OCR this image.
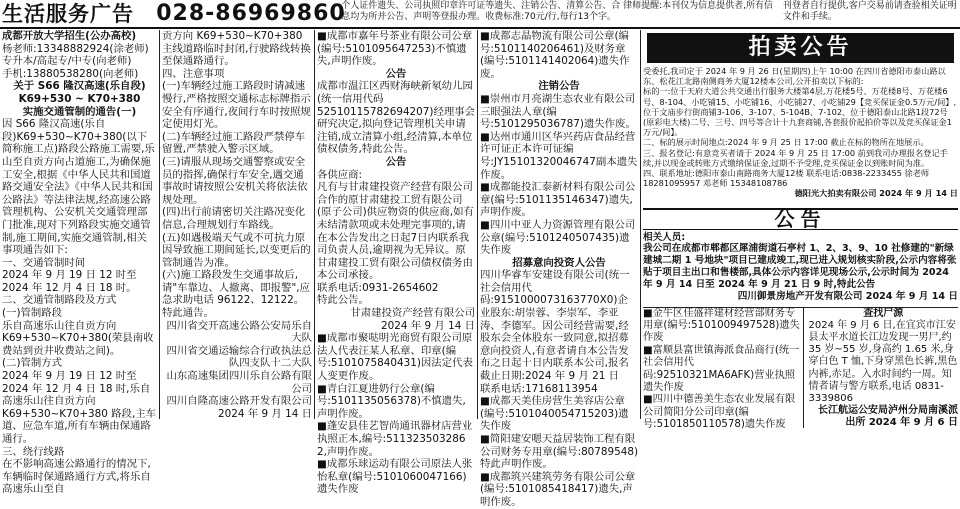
生活服务广告	028-86969860
个人证件遗失、公司执照印章许可证等遗失、注销公告、清算公告、合 律师提醒:本刊仅为信息提供者,所有信息均为所并公告、声明等登报办理。收费标准:70元/行,每行13个字。
刊登者自行提供,客户交易前请查验相关证明文件和手续。

成都开放大学招生(公办高校)

杨老师:13348882924(涂老师)

专升本/高起专/中专(向老师)

手机:13880538280(向老师)

关于 S66 隆汉高速(乐自段)

K69+530 ~ K70+380

实施交通管制的通告(一)

因 S66 隆汉高速(乐自段)K69+530~K70+380(以下简称施工点)路段公路施工需要,乐山至自贡方向占道施工,为确保施工安全,根据《中华人民共和国道路交通安全法》《中华人民共和国公路法》等法律法规,经高速公路管理机构、公安机关交通管理部门批准,现对下列路段实施交通管制,施工期间,实施交通管制,相关事项通告如下:

一、交通管制时间

2024 年 9 月 19 日 12 时至 2024 年 12 月 4 日 18 时。

二、交通管制路段及方式

(一)管制路段

乐自高速乐山往自贡方向K69+530~K70+380(荣县南收费站到贡井收费站之间)。

(二)管制方式

2024 年 9 月 19 日 12 时至 2024 年 12 月 4 日 18 时,乐自高速乐山往自贡方向 K69+530~K70+380 路段,主车道、应急车道,所有车辆由保通路通行。

三、绕行线路

在不影响高速公路通行的情况下,车辆临时保通路通行方式,将乐自高速乐山至自

贡方向 K69+530~K70+380 主线道路临时封闭,行驶路线转换至保通路通行。

四、注意事项

(一)车辆经过施工路段时请减速慢行,严格按照交通标志标牌指示安全有序通行,夜间行车时按照规定使用灯光。

(二)车辆经过施工路段严禁停车留置,严禁驶入警示区域。

(三)请服从现场交通警察或安全员的指挥,确保行车安全,遇交通事故时请按照公安机关将依法依规处理。

(四)出行前请密切关注路况变化信息,合理规划行车路线。

(五)如遇极端天气或不可抗力原因导致施工期间延长,以变更后的管制通告为准。

(六)施工路段发生交通事故后,请"车靠边、人撤离、即报警",应急求助电话 96122、12122。

特此通告。

四川省交开高速公路公安局乐自大队

四川省交通运输综合行政执法总队四支队十二大队

山东高速集团四川乐自公路有限公司

四川自隆高速公路开发有限公司

2024 年 9 月 14 日

■成都市嘉年号茶业有限公司公章(编号:5101095647253)不慎遗失,声明作废。

公告

成都市温江区西财海峡新氡幼儿园(统一信用代码52510115782694207)经理事会研究决定,拟向登记管理机关申请注销,成立清算小组,经清算,本单位债权债务,特此公告。

公告

各供应商:

凡有与甘肃建投资产经营有限公司合作的原甘肃建投工贸有限公司(原子公司)供应物资的供应商,如有未结清款项或未处理完事项的,请在本公告发出之日起7日内联系我司负责人员,逾期视为无异议。原甘肃建投工贸有限公司债权债务由本公司承接。

联系电话:0931-2654602

特此公告。

甘肃建投资产经营有限公司

2024 年 9 月 14 日

■成都市聚哒明光商贸有限公司原法人代表汪某人私章、印章(编号:5101075840431)因法定代表人变更作废。

■青白江夏进奶行公章(编号:5101135056378)不慎遗失,声明作废。

■蓬安县佳艺智尚通讯器材店营业执照正本,编号:511323503286 2,声明作废。

■成都乐球运动有限公司原法人张怡私章(编号:5101060047166)遗失作废

■成都志晶物流有限公司公章(编号:5101140206461)及财务章(编号:5101141402064)遗失作废。

注销公告

■崇州市月亮湖生态农业有限公司三眼强法人章(编号:5101295036787)遗失作废。

■达州市通川区华兴药店食品经营许可证正本许可证编号:JY15101320046747副本遗失作废。

■成都能投汇泰新材料有限公司公章(编号:5101135146347)遗失,声明作废。

■四川中亚人力资源管理有限公司公章(编号:5101240507435)遗失作废

招募意向投资人公告

四川华睿车安建设有限公司(统一社会信用代码:9151000073163770X0)企业股东:胡崇蓉、李崇军、李亚涛、李德军。因公司经营需要,经股东会全体股东一致同意,拟招募意向投资人,有意者请自本公告发布之日起十日内联系本公司,报名截止日期:2024 年 9 月 21 日

联系电话:17168113954

■成都天美佳房营生美容店公章(编号:5101040054715203)遗失作废

■简阳建安嗯天益居装饰工程有限公司财务专用章(编号:80789548)特此声明作废。

■成都筑兴建筑劳务有限公司公章(编号:5101085418417)遗失,声明作废。

拍卖公告

受委托,我司定于 2024 年 9 月 26 日(星期四)上午 10:00 在四川省德阳市泰山路以东、松花江北路南侧商务大厦12楼本公司,公开拍卖以下标的:

标的一:位于天府大道公共交通出行服务大楼第4层,万花楼5号、万花楼8号、万花楼6号、8-104、小吃铺15、小吃铺16、小吃铺27、小吃铺29【竞买保证金0.5万元/间】,位于文庙步行街商铺3-106、3-107、5-104B、7-102、位于德阳泰山北路1段72号(原彩电大楼)二号、三号、四号等合计十九套商铺,各套报价起拍价等以及竞买保证金1万元/间】。

二、标的展示时间地点:2024 年 9 月 25 日 17:00 截止在标的物所在地展示。

三、报名登记:有意竞买者请于 2024 年 9 月 25 日 17:00 前到我司办理报名登记手续,并以现金或转账方式缴纳保证金,过期不予受理,竞买保证金以到账时间为准。

四、联系地址:德阳市泰山南路商务大厦12楼 联系电话:0838-2233455 徐老师 18281095957 邓老师 15348108786

德阳光大拍卖有限公司 2024 年 9 月 14 日

公告

相关人员:

我公司在成都市郫都区犀浦街道石亭村 1、2、3、9、10 社修建的"新绿建城二期 1 号地块"项目已建成竣工,现已进入规划核实阶段,公示内容将张贴于项目主出口和售楼部,具体公示内容详见现场公示,公示时间为 2024 年 9 月 14 日至 2024 年 9 月 21 日 9 时,特此公告

四川御景房地产开发有限公司 2024 年 9 月 14 日

■金牛区佳盛祥建材经营部财务专用章(编号:5101009497528)遗失作废

■富顺县富世镇海派食品商行(统一社会信用代码:92510321MA6AFK)营业执照遗失作废

■四川中德善美生态农业发展有限公司简阳分公司印章(编号:5101850110578)遗失作废

查找尸源

2024 年 9 月 6 日,在宜宾市江安县太平水道长江边发现一男尸,约 35 岁~55 岁,身高约 1.65 米,身穿白色 T 恤,下身穿黑色长裤,黑色内裤,赤足。入水时间约一周。知情者请与警方联系,电话 0831-3339806

长江航运公安局泸州分局南溪派出所 2024 年 9 月 6 日
